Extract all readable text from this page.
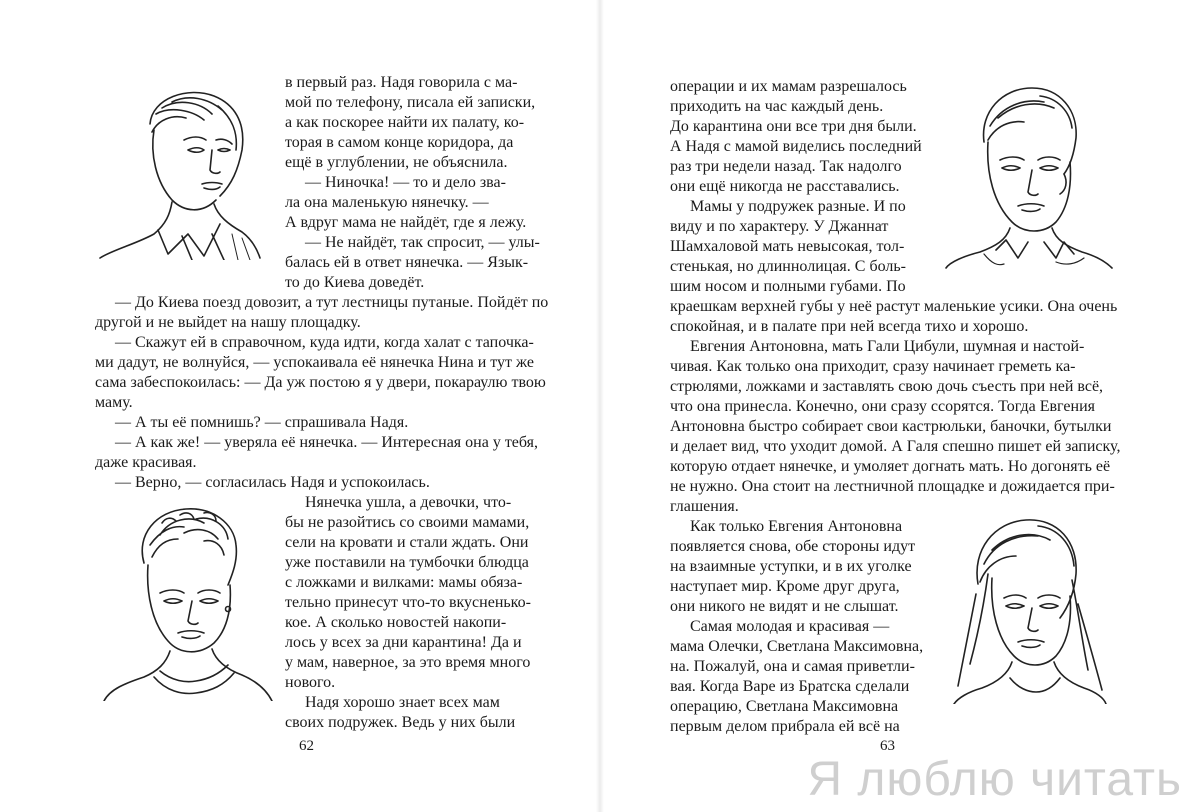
в первый раз. Надя говорила с ма-

мой по телефону, писала ей записки,

а как поскорее найти их палату, ко-

торая в самом конце коридора, да

ещё в углублении, не объяснила.

— Ниночка! — то и дело зва-

ла она маленькую нянечку. —

А вдруг мама не найдёт, где я лежу.

— Не найдёт, так спросит, — улы-

балась ей в ответ нянечка. — Язык-

то до Киева доведёт.

— До Киева поезд довозит, а тут лестницы путаные. Пойдёт по

другой и не выйдет на нашу площадку.

— Скажут ей в справочном, куда идти, когда халат с тапочка-

ми дадут, не волнуйся, — успокаивала её нянечка Нина и тут же

сама забеспокоилась: — Да уж постою я у двери, покараулю твою

маму.

— А ты её помнишь? — спрашивала Надя.

— А как же! — уверяла её нянечка. — Интересная она у тебя,

даже красивая.

— Верно, — согласилась Надя и успокоилась.

Нянечка ушла, а девочки, что-

бы не разойтись со своими мамами,

сели на кровати и стали ждать. Они

уже поставили на тумбочки блюдца

с ложками и вилками: мамы обяза-

тельно принесут что-то вкусненько-

кое. А сколько новостей накопи-

лось у всех за дни карантина! Да и

у мам, наверное, за это время много

нового.

Надя хорошо знает всех мам

своих подружек. Ведь у них были

62

операции и их мамам разрешалось

приходить на час каждый день.

До карантина они все три дня были.

А Надя с мамой виделись последний

раз три недели назад. Так надолго

они ещё никогда не расставались.

Мамы у подружек разные. И по

виду и по характеру. У Джаннат

Шамхаловой мать невысокая, тол-

стенькая, но длиннолицая. С боль-

шим носом и полными губами. По

краешкам верхней губы у неё растут маленькие усики. Она очень

спокойная, и в палате при ней всегда тихо и хорошо.

Евгения Антоновна, мать Гали Цибули, шумная и настой-

чивая. Как только она приходит, сразу начинает греметь ка-

стрюлями, ложками и заставлять свою дочь съесть при ней всё,

что она принесла. Конечно, они сразу ссорятся. Тогда Евгения

Антоновна быстро собирает свои кастрюльки, баночки, бутылки

и делает вид, что уходит домой. А Галя спешно пишет ей записку,

которую отдает нянечке, и умоляет догнать мать. Но догонять её

не нужно. Она стоит на лестничной площадке и дожидается при-

глашения.

Как только Евгения Антоновна

появляется снова, обе стороны идут

на взаимные уступки, и в их уголке

наступает мир. Кроме друг друга,

они никого не видят и не слышат.

Самая молодая и красивая —

мама Олечки, Светлана Максимовна,

на. Пожалуй, она и самая приветли-

вая. Когда Варе из Братска сделали

операцию, Светлана Максимовна

первым делом прибрала ей всё на

63
Я люблю читать
